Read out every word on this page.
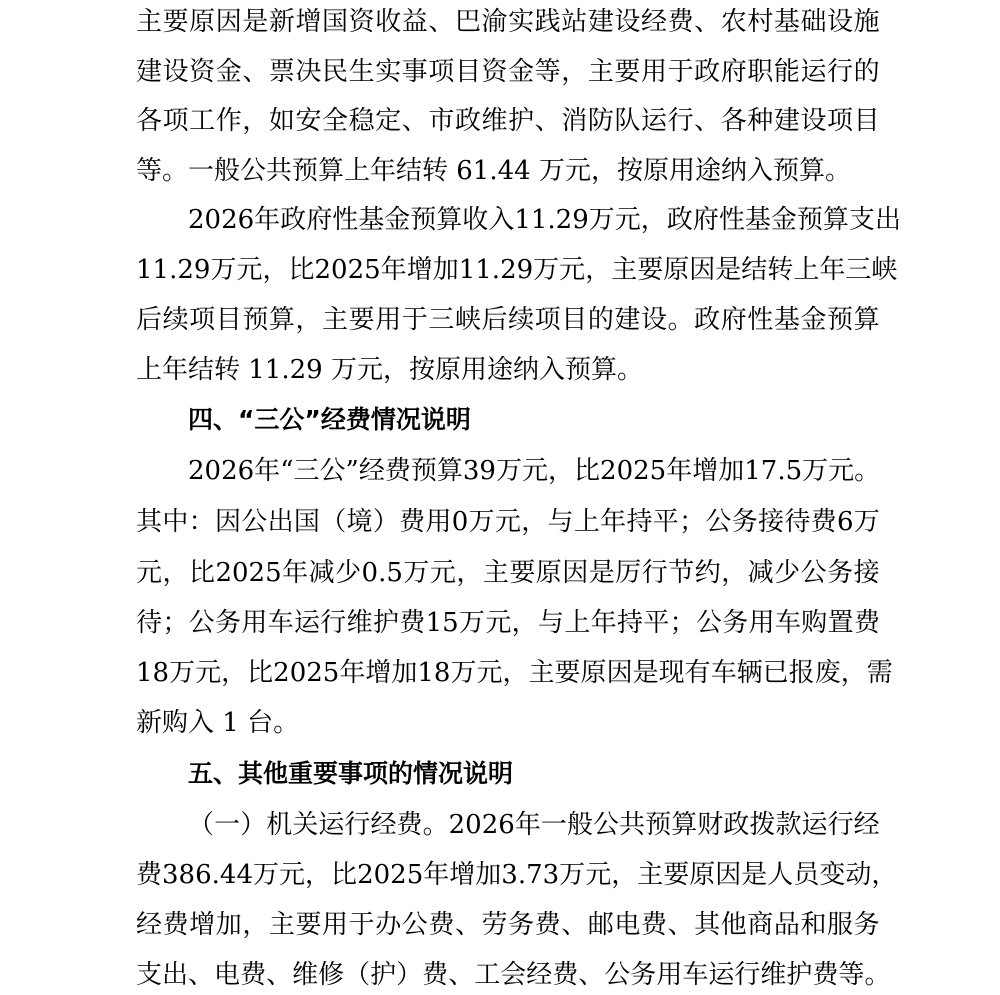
主 要 原 因 是 新 增 国 资 收 益 、 巴 渝 实 践 站 建 设 经 费 、 农 村 基 础 设 施
建 设 资 金 、 票 决 民 生 实 事 项 目 资 金 等 ， 主 要 用 于 政 府 职 能 运 行 的
各 项 工 作 ， 如 安 全 稳 定 、 市 政 维 护 、 消 防 队 运 行 、 各 种 建 设 项 目
等。一般公共预算上年结转 61.44 万元，按原用途纳入预算。
2026 年 政 府 性 基 金 预 算 收 入 11.29 万 元 ， 政 府 性 基 金 预 算 支 出
11.29 万 元 ， 比 2025 年 增 加 11.29 万 元 ， 主 要 原 因 是 结 转 上 年 三 峡
后 续 项 目 预 算 ， 主 要 用 于 三 峡 后 续 项 目 的 建 设 。 政 府 性 基 金 预 算
上年结转 11.29 万元，按原用途纳入预算。
四、“三公”经费情况说明
2026 年 “ 三 公 ” 经 费 预 算 39 万 元 ， 比 2025 年 增 加 17.5 万 元 。
其 中 ： 因 公 出 国 （ 境 ） 费 用 0 万 元 ， 与 上 年 持 平 ； 公 务 接 待 费 6 万
元 ， 比 2025 年 减 少 0.5 万 元 ， 主 要 原 因 是 厉 行 节 约 ， 减 少 公 务 接
待 ； 公 务 用 车 运 行 维 护 费 15 万 元 ， 与 上 年 持 平 ； 公 务 用 车 购 置 费
18 万 元 ， 比 2025 年 增 加 18 万 元 ， 主 要 原 因 是 现 有 车 辆 已 报 废 ， 需
新购入 1 台。
五、其他重要事项的情况说明
（ 一 ） 机 关 运 行 经 费 。 2026 年 一 般 公 共 预 算 财 政 拨 款 运 行 经
费 386.44 万 元 ， 比 2025 年 增 加 3.73 万 元 ， 主 要 原 因 是 人 员 变 动 ，
经 费 增 加 ， 主 要 用 于 办 公 费 、 劳 务 费 、 邮 电 费 、 其 他 商 品 和 服 务
支 出 、 电 费 、 维 修 （ 护 ） 费 、 工 会 经 费 、 公 务 用 车 运 行 维 护 费 等 。
